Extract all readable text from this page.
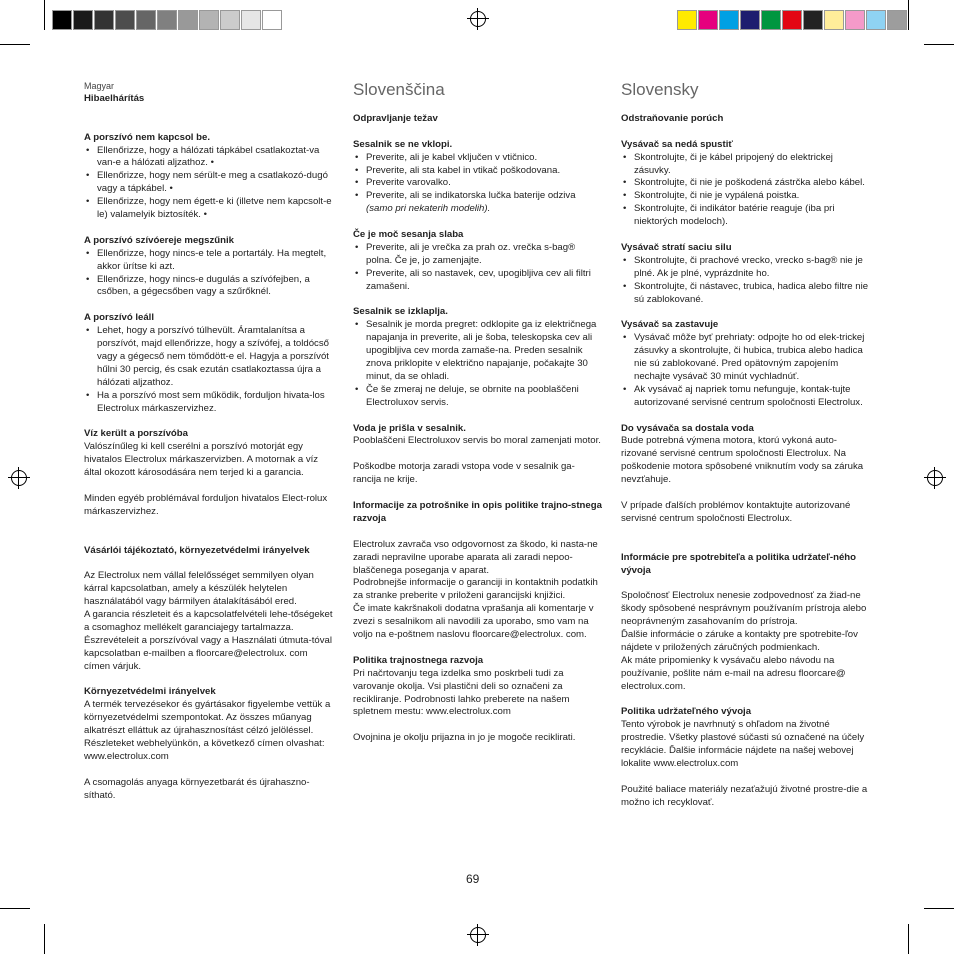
Magyar

Hibaelhárítás

A porszívó nem kapcsol be.

• Ellenőrizze, hogy a hálózati tápkábel csatlakoztat-va van-e a hálózati aljzathoz. •
• Ellenőrizze, hogy nem sérült-e meg a csatlakozó-dugó vagy a tápkábel. •
• Ellenőrizze, hogy nem égett-e ki (illetve nem kapcsolt-e le) valamelyik biztosíték. •

A porszívó szívóereje megszűnik

• Ellenőrizze, hogy nincs-e tele a portartály. Ha megtelt, akkor ürítse ki azt.
• Ellenőrizze, hogy nincs-e dugulás a szívófejben, a csőben, a gégecsőben vagy a szűrőknél.

A porszívó leáll

• Lehet, hogy a porszívó túlhevült. Áramtalanítsa a porszívót, majd ellenőrizze, hogy a szívófej, a toldócső vagy a gégecső nem tömődött-e el. Hagyja a porszívót hűlni 30 percig, és csak ezután csatlakoztassa újra a hálózati aljzathoz.
• Ha a porszívó most sem működik, forduljon hivata-los Electrolux márkaszervizhez.

Víz került a porszívóba

Valószínűleg ki kell cserélni a porszívó motorját egy hivatalos Electrolux márkaszervizben. A motornak a víz által okozott károsodására nem terjed ki a garancia.

Minden egyéb problémával forduljon hivatalos Elect-rolux márkaszervizhez.

Vásárlói tájékoztató, környezetvédelmi irányelvek

Az Electrolux nem vállal felelősséget semmilyen olyan kárral kapcsolatban, amely a készülék helytelen használatából vagy bármilyen átalakításából ered.

A garancia részleteit és a kapcsolatfelvételi lehe-tőségeket a csomaghoz mellékelt garanciajegy tartalmazza.

Észrevételeit a porszívóval vagy a Használati útmuta-tóval kapcsolatban e-mailben a floorcare@electrolux. com címen várjuk.

Környezetvédelmi irányelvek

A termék tervezésekor és gyártásakor figyelembe vettük a környezetvédelmi szempontokat. Az összes műanyag alkatrészt elláttuk az újrahasznosítást célzó jelöléssel. Részleteket webhelyünkön, a következő címen olvashat: www.electrolux.com

A csomagolás anyaga környezetbarát és újrahaszno-sítható.

Slovenščina

Odpravljanje težav

Sesalnik se ne vklopi.

• Preverite, ali je kabel vključen v vtičnico.
• Preverite, ali sta kabel in vtikač poškodovana.
• Preverite varovalko.
• Preverite, ali se indikatorska lučka baterije odziva (samo pri nekaterih modelih).

Če je moč sesanja slaba

• Preverite, ali je vrečka za prah oz. vrečka s-bag® polna. Če je, jo zamenjajte.
• Preverite, ali so nastavek, cev, upogibljiva cev ali filtri zamašeni.

Sesalnik se izklaplja.

• Sesalnik je morda pregret: odklopite ga iz električnega napajanja in preverite, ali je šoba, teleskopska cev ali upogibljiva cev morda zamaše-na. Preden sesalnik znova priklopite v električno napajanje, počakajte 30 minut, da se ohladi.
• Če še zmeraj ne deluje, se obrnite na pooblaščeni Electroluxov servis.

Voda je prišla v sesalnik.

Pooblaščeni Electroluxov servis bo moral zamenjati motor.

Poškodbe motorja zaradi vstopa vode v sesalnik ga-rancija ne krije.

Informacije za potrošnike in opis politike trajno-stnega razvoja

Electrolux zavrača vso odgovornost za škodo, ki nasta-ne zaradi nepravilne uporabe aparata ali zaradi nepoo-blaščenega poseganja v aparat.

Podrobnejše informacije o garanciji in kontaktnih podatkih za stranke preberite v priloženi garancijski knjižici.

Če imate kakršnakoli dodatna vprašanja ali komentarje v zvezi s sesalnikom ali navodili za uporabo, smo vam na voljo na e-poštnem naslovu floorcare@electrolux. com.

Politika trajnostnega razvoja

Pri načrtovanju tega izdelka smo poskrbeli tudi za varovanje okolja. Vsi plastični deli so označeni za recikliranje. Podrobnosti lahko preberete na našem spletnem mestu: www.electrolux.com

Ovojnina je okolju prijazna in jo je mogoče reciklirati.

Slovensky

Odstraňovanie porúch

Vysávač sa nedá spustiť

• Skontrolujte, či je kábel pripojený do elektrickej zásuvky.
• Skontrolujte, či nie je poškodená zástrčka alebo kábel.
• Skontrolujte, či nie je vypálená poistka.
• Skontrolujte, či indikátor batérie reaguje (iba pri niektorých modeloch).

Vysávač stratí saciu silu

• Skontrolujte, či prachové vrecko, vrecko s-bag® nie je plné. Ak je plné, vyprázdnite ho.
• Skontrolujte, či nástavec, trubica, hadica alebo filtre nie sú zablokované.

Vysávač sa zastavuje

• Vysávač môže byť prehriaty: odpojte ho od elek-trickej zásuvky a skontrolujte, či hubica, trubica alebo hadica nie sú zablokované. Pred opätovným zapojením nechajte vysávač 30 minút vychladnúť.
• Ak vysávač aj napriek tomu nefunguje, kontak-tujte autorizované servisné centrum spoločnosti Electrolux.

Do vysávača sa dostala voda

Bude potrebná výmena motora, ktorú vykoná auto-rizované servisné centrum spoločnosti Electrolux. Na poškodenie motora spôsobené vniknutím vody sa záruka nevzťahuje.

V prípade ďalších problémov kontaktujte autorizované servisné centrum spoločnosti Electrolux.

Informácie pre spotrebiteľa a politika udržateľ-ného vývoja

Spoločnosť Electrolux nenesie zodpovednosť za žiad-ne škody spôsobené nesprávnym používaním prístroja alebo neoprávneným zasahovaním do prístroja.

Ďalšie informácie o záruke a kontakty pre spotrebite-ľov nájdete v priložených záručných podmienkach.

Ak máte pripomienky k vysávaču alebo návodu na používanie, pošlite nám e-mail na adresu floorcare@ electrolux.com.

Politika udržateľného vývoja

Tento výrobok je navrhnutý s ohľadom na životné prostredie. Všetky plastové súčasti sú označené na účely recyklácie. Ďalšie informácie nájdete na našej webovej lokalite www.electrolux.com

Použité baliace materiály nezaťažujú životné prostre-die a možno ich recyklovať.

69
